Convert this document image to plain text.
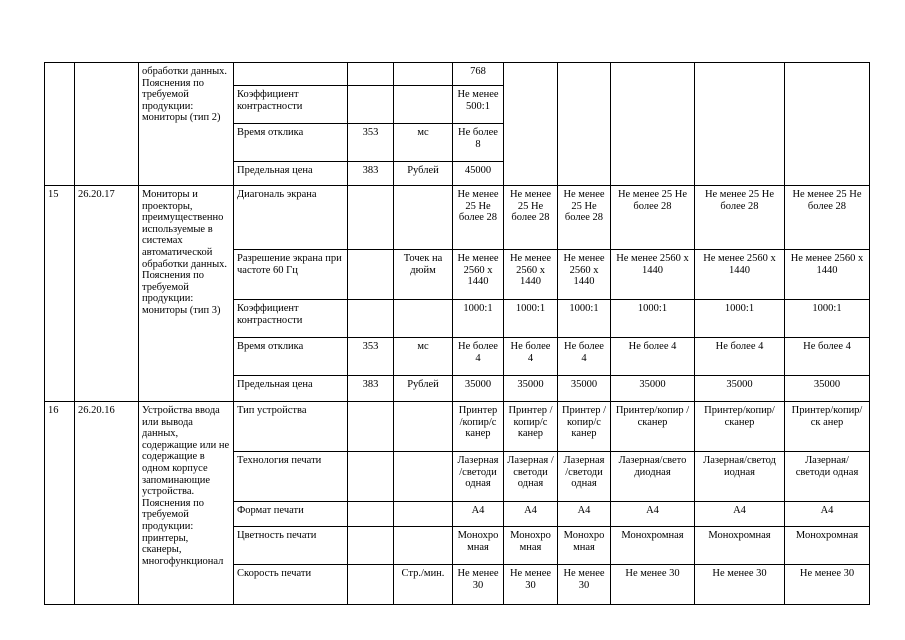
		обработки данных. Пояснения по требуемой продукции: мониторы (тип 2)				768					
			Коэффициент контрастности			Не менее 500:1					
			Время отклика	353	мс	Не более 8					
			Предельная цена	383	Рублей	45000					
15	26.20.17	Мониторы и проекторы, преимущественно используемые в системах автоматической обработки данных. Пояснения по требуемой продукции: мониторы (тип 3)	Диагональ экрана			Не менее 25 Не более 28	Не менее 25 Не более 28	Не менее 25 Не более 28	Не менее 25 Не более 28	Не менее 25 Не более 28	Не менее 25 Не более 28
			Разрешение экрана при частоте 60 Гц		Точек на дюйм	Не менее 2560 х 1440	Не менее 2560 х 1440	Не менее 2560 х 1440	Не менее 2560 х 1440	Не менее 2560 х 1440	Не менее 2560 х 1440
			Коэффициент контрастности			1000:1	1000:1	1000:1	1000:1	1000:1	1000:1
			Время отклика	353	мс	Не более 4	Не более 4	Не более 4	Не более 4	Не более 4	Не более 4
			Предельная цена	383	Рублей	35000	35000	35000	35000	35000	35000
16	26.20.16	Устройства ввода или вывода данных, содержащие или не содержащие в одном корпусе запоминающие устройства. Пояснения по требуемой продукции: принтеры, сканеры, многофункционал	Тип устройства			Принтер /копир/с канер	Принтер /копир/с канер	Принтер /копир/с канер	Принтер/копир /сканер	Принтер/копир/ сканер	Принтер/копир/ск анер
			Технология печати			Лазерная /светоди одная	Лазерная /светоди одная	Лазерная /светоди одная	Лазерная/свето диодная	Лазерная/светод иодная	Лазерная/светоди одная
			Формат печати			А4	А4	А4	А4	А4	А4
			Цветность печати			Монохро мная	Монохро мная	Монохро мная	Монохромная	Монохромная	Монохромная
			Скорость печати		Стр./мин.	Не менее 30	Не менее 30	Не менее 30	Не менее 30	Не менее 30	Не менее 30
